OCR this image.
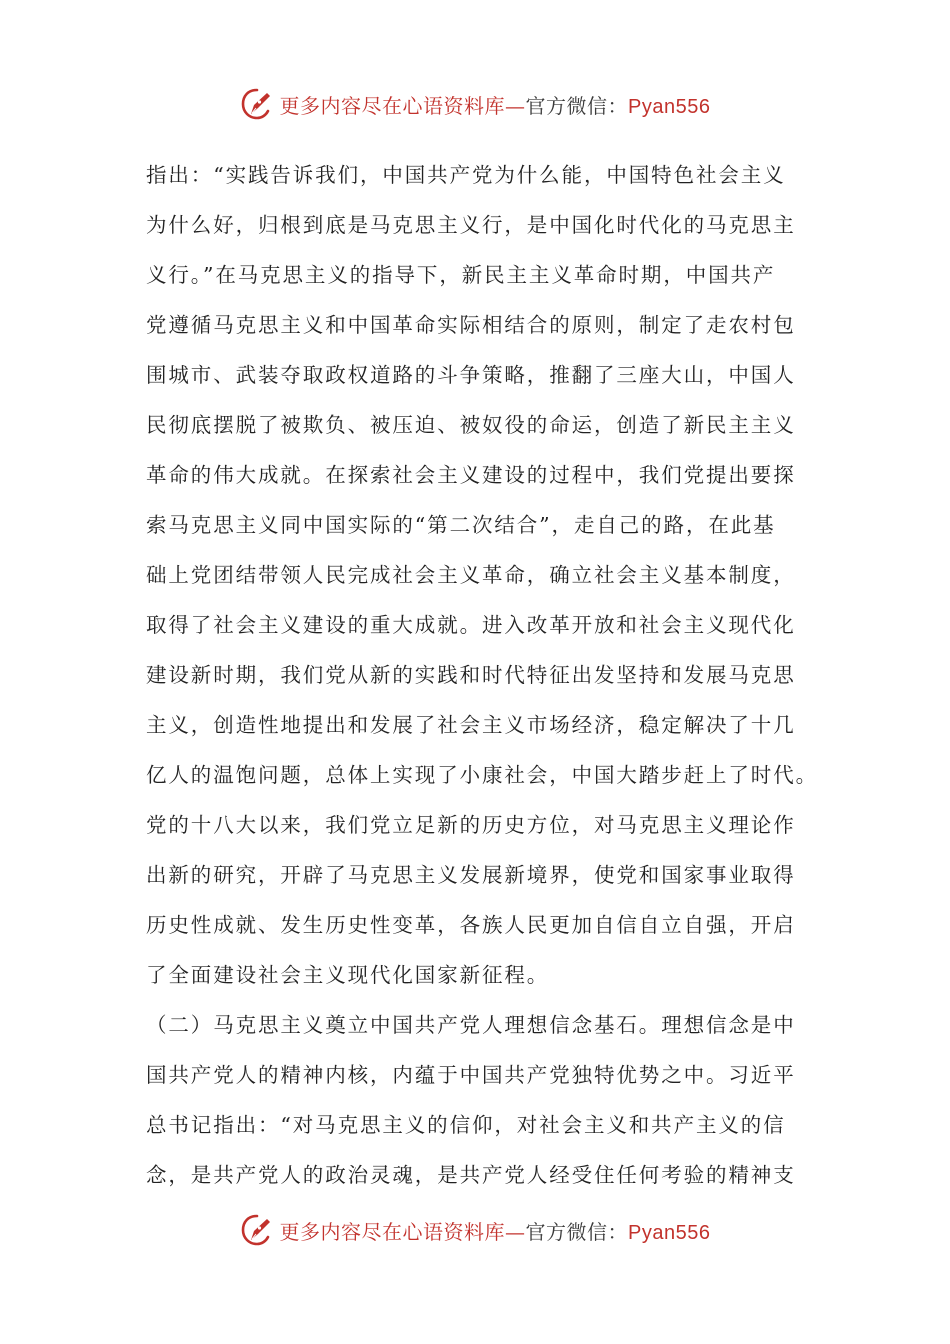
更多内容尽在心语资料库—官方微信：Pyan556
指出：“实践告诉我们，中国共产党为什么能，中国特色社会主义
为什么好，归根到底是马克思主义行，是中国化时代化的马克思主
义行。”在马克思主义的指导下，新民主主义革命时期，中国共产
党遵循马克思主义和中国革命实际相结合的原则，制定了走农村包
围城市、武装夺取政权道路的斗争策略，推翻了三座大山，中国人
民彻底摆脱了被欺负、被压迫、被奴役的命运，创造了新民主主义
革命的伟大成就。在探索社会主义建设的过程中，我们党提出要探
索马克思主义同中国实际的“第二次结合”，走自己的路，在此基
础上党团结带领人民完成社会主义革命，确立社会主义基本制度，
取得了社会主义建设的重大成就。进入改革开放和社会主义现代化
建设新时期，我们党从新的实践和时代特征出发坚持和发展马克思
主义，创造性地提出和发展了社会主义市场经济，稳定解决了十几
亿人的温饱问题，总体上实现了小康社会，中国大踏步赶上了时代。
党的十八大以来，我们党立足新的历史方位，对马克思主义理论作
出新的研究，开辟了马克思主义发展新境界，使党和国家事业取得
历史性成就、发生历史性变革，各族人民更加自信自立自强，开启
了全面建设社会主义现代化国家新征程。
（二）马克思主义奠立中国共产党人理想信念基石。理想信念是中
国共产党人的精神内核，内蕴于中国共产党独特优势之中。习近平
总书记指出：“对马克思主义的信仰，对社会主义和共产主义的信
念，是共产党人的政治灵魂，是共产党人经受住任何考验的精神支
更多内容尽在心语资料库—官方微信：Pyan556
